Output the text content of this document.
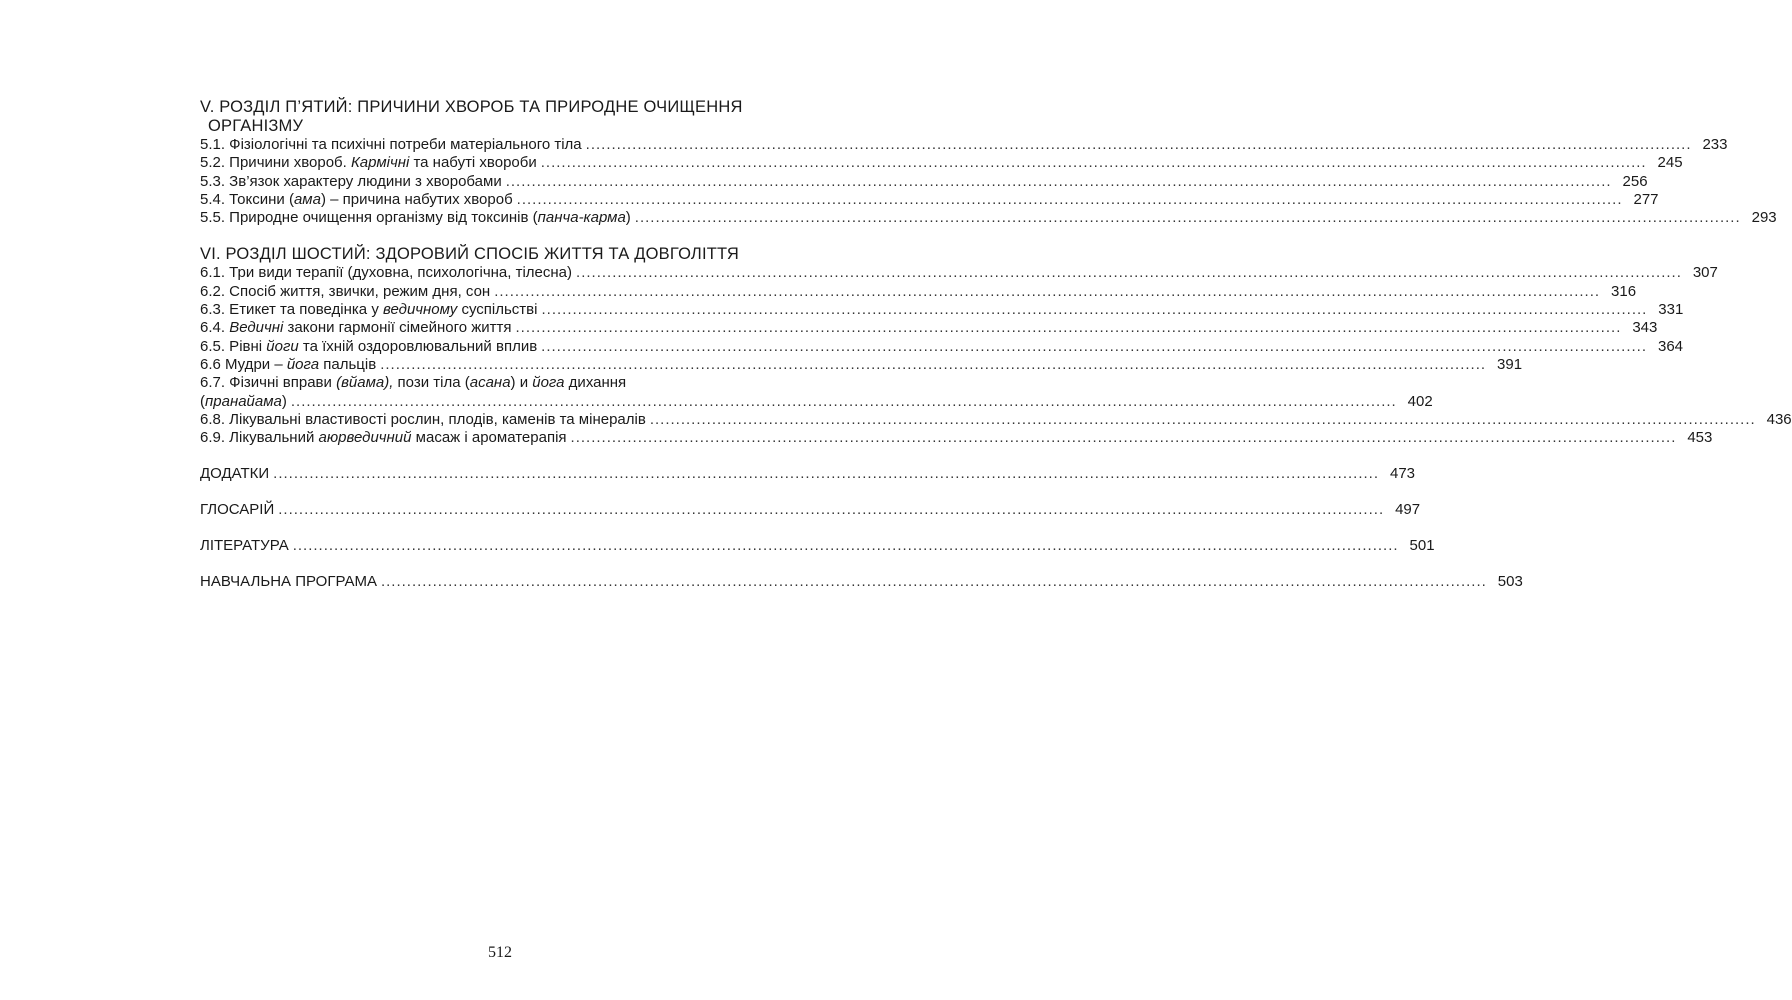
V. РОЗДІЛ П’ЯТИЙ: ПРИЧИНИ ХВОРОБ ТА ПРИРОДНЕ ОЧИЩЕННЯ
ОРГАНІЗМУ
5.1. Фізіологічні та психічні потреби матеріального тіла .....	233
5.2. Причини хвороб. Кармічні та набуті хвороби .....	245
5.3. Зв’язок характеру людини з хворобами .....	256
5.4. Токсини (ама) – причина набутих хвороб .....	277
5.5. Природне очищення організму від токсинів (панча-карма) .....	293
VI. РОЗДІЛ ШОСТИЙ: ЗДОРОВИЙ СПОСІБ ЖИТТЯ ТА ДОВГОЛІТТЯ
6.1. Три види терапії (духовна, психологічна, тілесна) .....	307
6.2. Спосіб життя, звички, режим дня, сон .....	316
6.3. Етикет та поведінка у ведичному суспільстві .....	331
6.4. Ведичні закони гармонії сімейного життя .....	343
6.5. Рівні йоги та їхній оздоровлювальний вплив .....	364
6.6 Мудри – йога пальців .....	391
6.7. Фізичні вправи (вйама), пози тіла (асана) и йога дихання
(пранайама) .....	402
6.8. Лікувальні властивості рослин, плодів, каменів та мінералів .....	436
6.9. Лікувальний аюрведичний масаж і ароматерапія .....	453
ДОДАТКИ .....	473
ГЛОСАРІЙ .....	497
ЛІТЕРАТУРА .....	501
НАВЧАЛЬНА ПРОГРАМА .....	503
512
